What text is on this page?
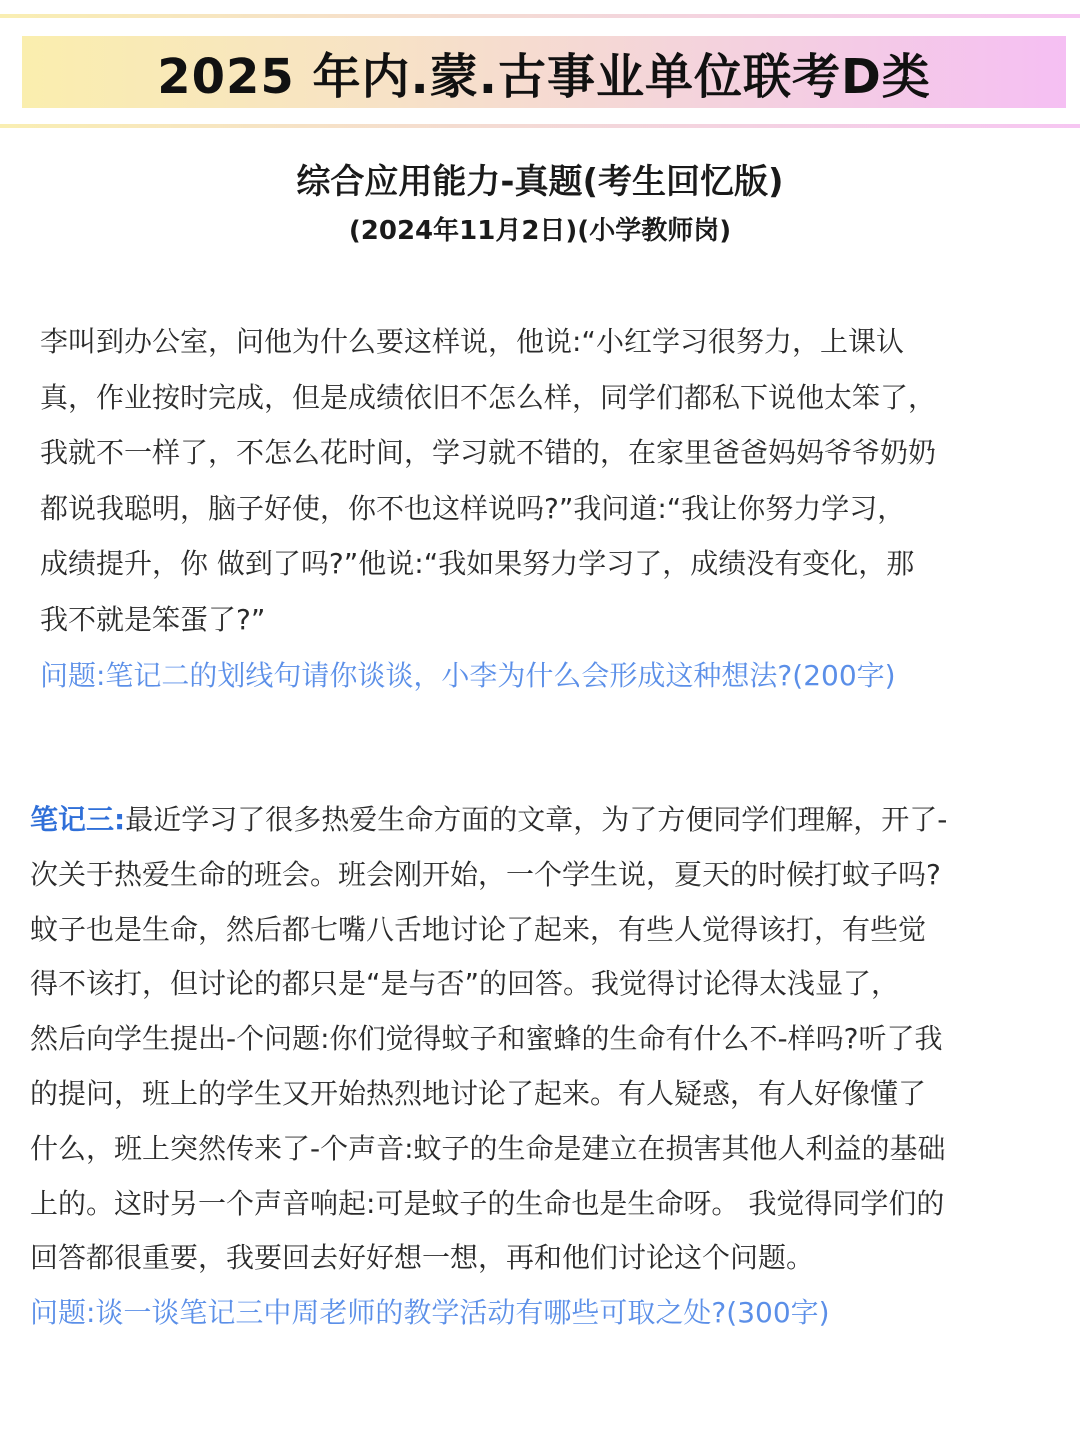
2025 年内.蒙.古事业单位联考D类
综合应用能力-真题(考生回忆版)
(2024年11月2日)(小学教师岗)
李叫到办公室，问他为什么要这样说，他说:“小红学习很努力，上课认
真，作业按时完成，但是成绩依旧不怎么样，同学们都私下说他太笨了，
我就不一样了，不怎么花时间，学习就不错的，在家里爸爸妈妈爷爷奶奶
都说我聪明，脑子好使，你不也这样说吗?”我问道:“我让你努力学习，
成绩提升，你 做到了吗?”他说:“我如果努力学习了，成绩没有变化，那
我不就是笨蛋了?”
问题:笔记二的划线句请你谈谈，小李为什么会形成这种想法?(200字)
笔记三:最近学习了很多热爱生命方面的文章，为了方便同学们理解，开了-
次关于热爱生命的班会。班会刚开始，一个学生说，夏天的时候打蚊子吗?
蚊子也是生命，然后都七嘴八舌地讨论了起来，有些人觉得该打，有些觉
得不该打，但讨论的都只是“是与否”的回答。我觉得讨论得太浅显了，
然后向学生提出-个问题:你们觉得蚊子和蜜蜂的生命有什么不-样吗?听了我
的提问，班上的学生又开始热烈地讨论了起来。有人疑惑，有人好像懂了
什么，班上突然传来了-个声音:蚊子的生命是建立在损害其他人利益的基础
上的。这时另一个声音响起:可是蚊子的生命也是生命呀。 我觉得同学们的
回答都很重要，我要回去好好想一想，再和他们讨论这个问题。
问题:谈一谈笔记三中周老师的教学活动有哪些可取之处?(300字)
